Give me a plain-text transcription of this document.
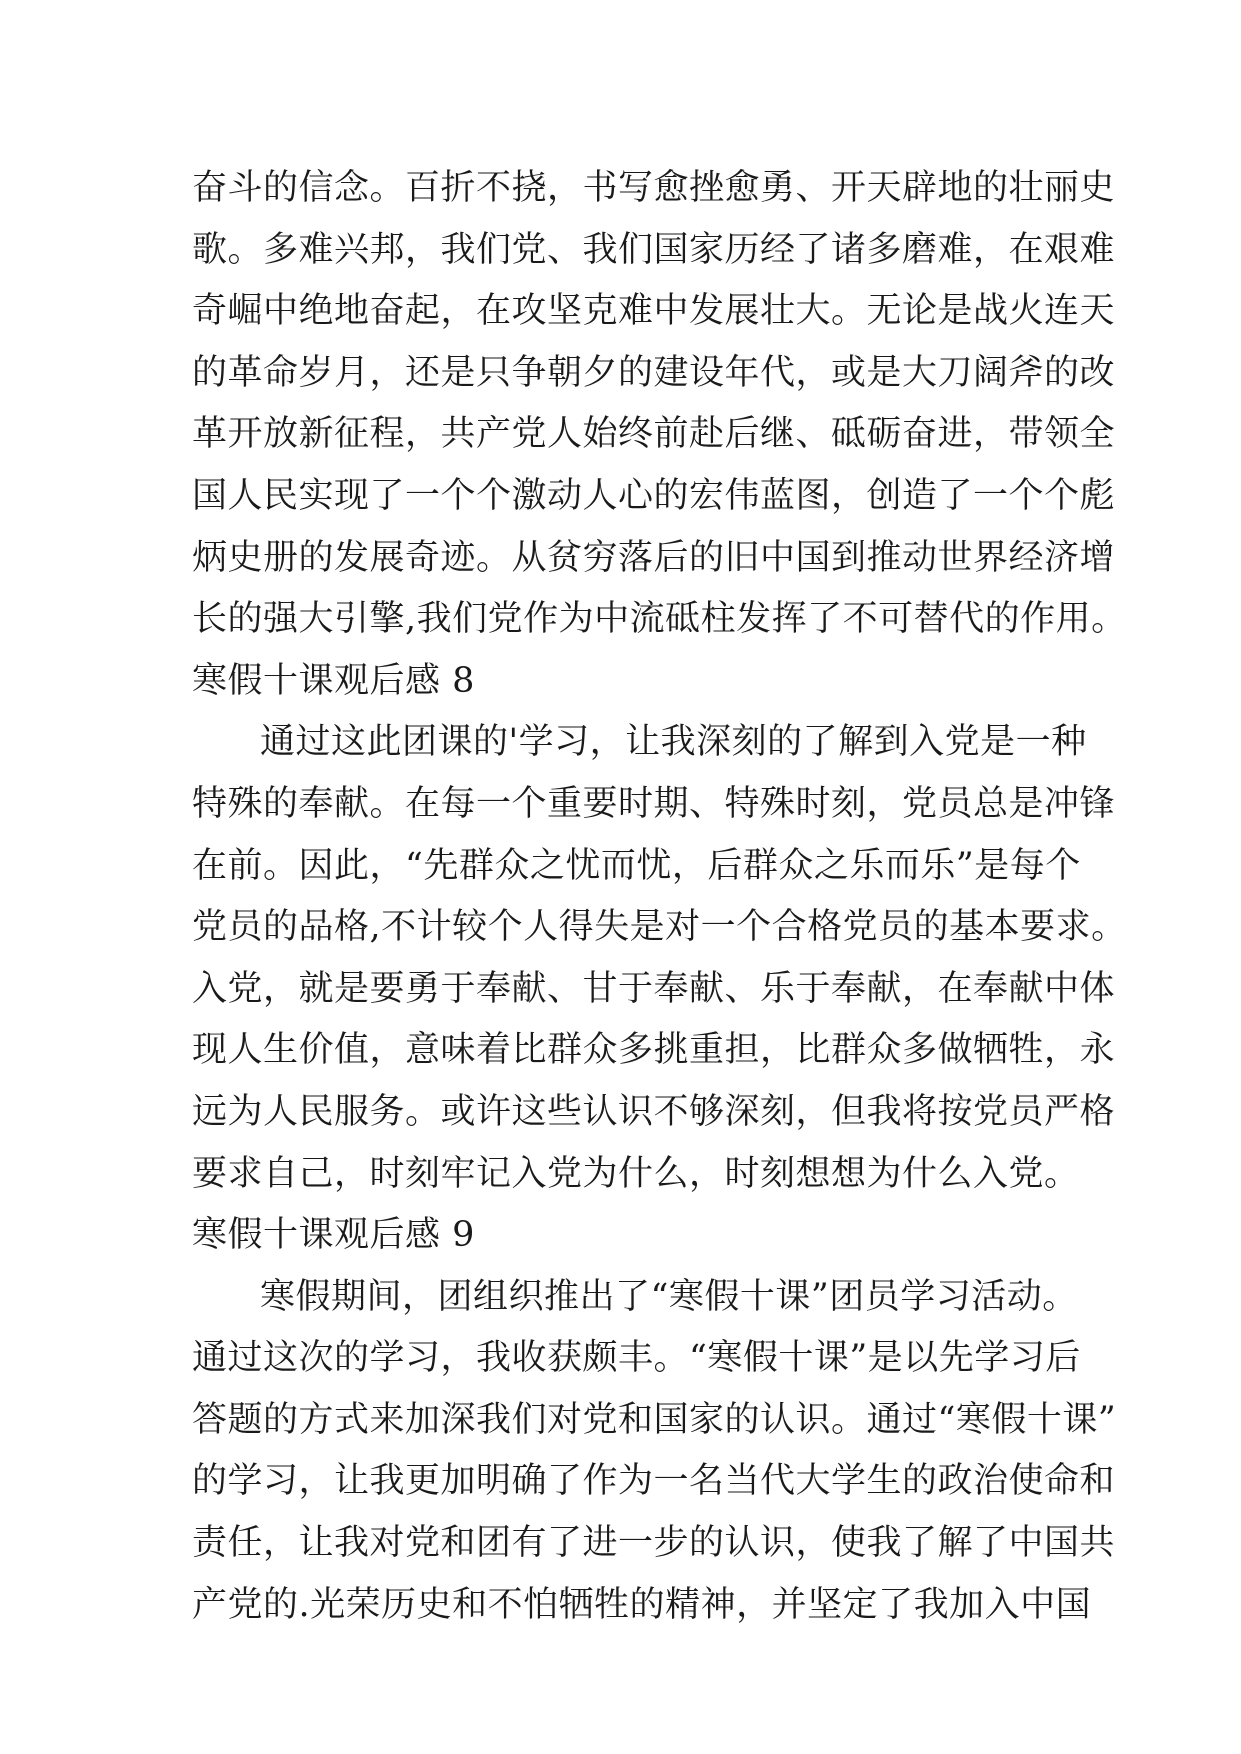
奋斗的信念。百折不挠，书写愈挫愈勇、开天辟地的壮丽史
歌。多难兴邦，我们党、我们国家历经了诸多磨难，在艰难
奇崛中绝地奋起，在攻坚克难中发展壮大。无论是战火连天
的革命岁月，还是只争朝夕的建设年代，或是大刀阔斧的改
革开放新征程，共产党人始终前赴后继、砥砺奋进，带领全
国人民实现了一个个激动人心的宏伟蓝图，创造了一个个彪
炳史册的发展奇迹。从贫穷落后的旧中国到推动世界经济增
长的强大引擎,我们党作为中流砥柱发挥了不可替代的作用。
寒假十课观后感 8
通过这此团课的'学习，让我深刻的了解到入党是一种
特殊的奉献。在每一个重要时期、特殊时刻，党员总是冲锋
在前。因此，“先群众之忧而忧，后群众之乐而乐”是每个
党员的品格,不计较个人得失是对一个合格党员的基本要求。
入党，就是要勇于奉献、甘于奉献、乐于奉献，在奉献中体
现人生价值，意味着比群众多挑重担，比群众多做牺牲，永
远为人民服务。或许这些认识不够深刻，但我将按党员严格
要求自己，时刻牢记入党为什么，时刻想想为什么入党。
寒假十课观后感 9
寒假期间，团组织推出了“寒假十课”团员学习活动。
通过这次的学习，我收获颇丰。“寒假十课”是以先学习后
答题的方式来加深我们对党和国家的认识。通过“寒假十课”
的学习，让我更加明确了作为一名当代大学生的政治使命和
责任，让我对党和团有了进一步的认识，使我了解了中国共
产党的.光荣历史和不怕牺牲的精神，并坚定了我加入中国
